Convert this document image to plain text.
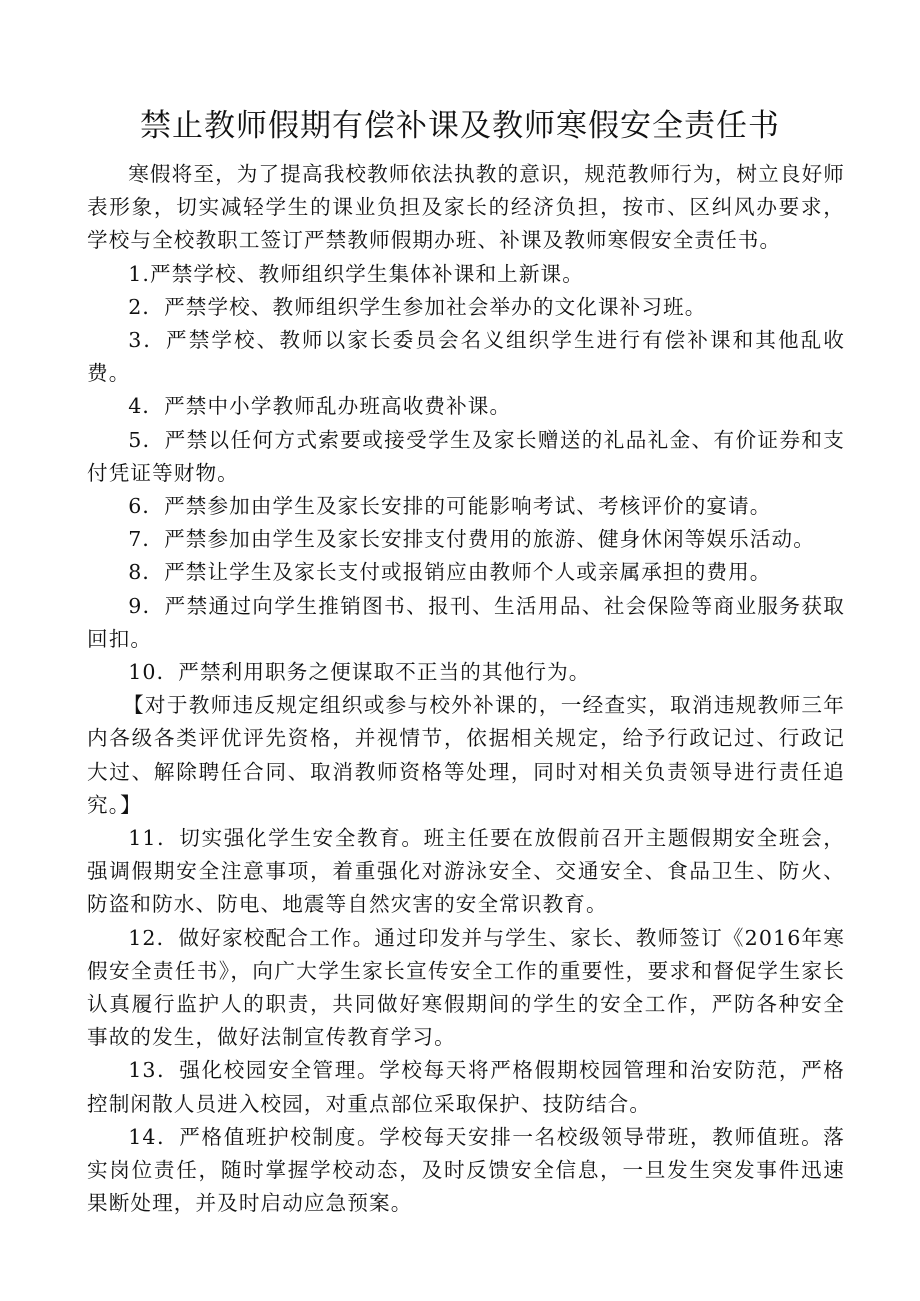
禁止教师假期有偿补课及教师寒假安全责任书

寒假将至，为了提高我校教师依法执教的意识，规范教师行为，树立良好师表形象，切实减轻学生的课业负担及家长的经济负担，按市、区纠风办要求，学校与全校教职工签订严禁教师假期办班、补课及教师寒假安全责任书。

1.严禁学校、教师组织学生集体补课和上新课。

2．严禁学校、教师组织学生参加社会举办的文化课补习班。

3．严禁学校、教师以家长委员会名义组织学生进行有偿补课和其他乱收费。

4．严禁中小学教师乱办班高收费补课。

5．严禁以任何方式索要或接受学生及家长赠送的礼品礼金、有价证券和支付凭证等财物。

6．严禁参加由学生及家长安排的可能影响考试、考核评价的宴请。

7．严禁参加由学生及家长安排支付费用的旅游、健身休闲等娱乐活动。

8．严禁让学生及家长支付或报销应由教师个人或亲属承担的费用。

9．严禁通过向学生推销图书、报刊、生活用品、社会保险等商业服务获取回扣。

10．严禁利用职务之便谋取不正当的其他行为。

【对于教师违反规定组织或参与校外补课的，一经查实，取消违规教师三年内各级各类评优评先资格，并视情节，依据相关规定，给予行政记过、行政记大过、解除聘任合同、取消教师资格等处理，同时对相关负责领导进行责任追究。】

11．切实强化学生安全教育。班主任要在放假前召开主题假期安全班会，强调假期安全注意事项，着重强化对游泳安全、交通安全、食品卫生、防火、防盗和防水、防电、地震等自然灾害的安全常识教育。

12．做好家校配合工作。通过印发并与学生、家长、教师签订《2016年寒假安全责任书》，向广大学生家长宣传安全工作的重要性，要求和督促学生家长认真履行监护人的职责，共同做好寒假期间的学生的安全工作，严防各种安全事故的发生，做好法制宣传教育学习。

13．强化校园安全管理。学校每天将严格假期校园管理和治安防范，严格控制闲散人员进入校园，对重点部位采取保护、技防结合。

14．严格值班护校制度。学校每天安排一名校级领导带班，教师值班。落实岗位责任，随时掌握学校动态，及时反馈安全信息，一旦发生突发事件迅速果断处理，并及时启动应急预案。
